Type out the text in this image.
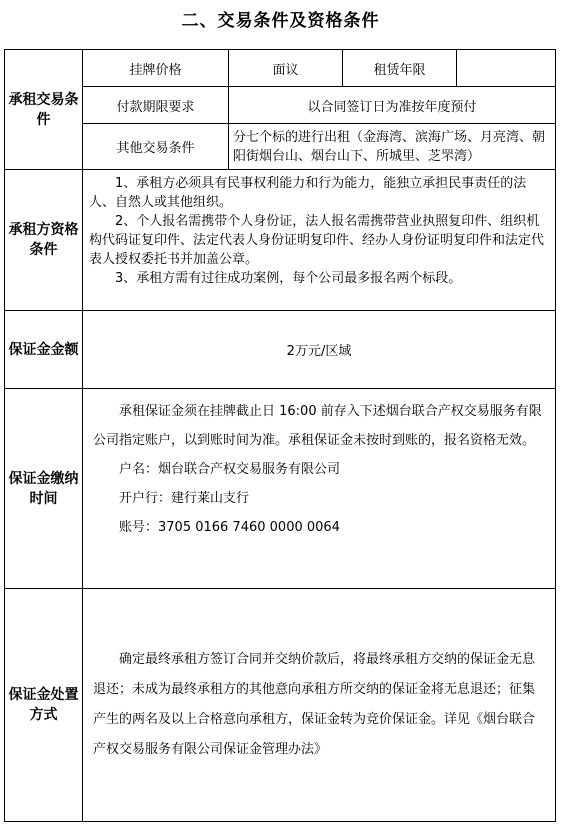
二、交易条件及资格条件
承租交易条件	挂牌价格	面议	租赁年限	
	付款期限要求	以合同签订日为准按年度预付		
	其他交易条件	分七个标的进行出租（金海湾、滨海广场、月亮湾、朝阳街烟台山、烟台山下、所城里、芝罘湾）		
承租方资格条件	1、承租方必须具有民事权利能力和行为能力，能独立承担民事责任的法人、自然人或其他组织。
2、个人报名需携带个人身份证，法人报名需携带营业执照复印件、组织机构代码证复印件、法定代表人身份证明复印件、经办人身份证明复印件和法定代表人授权委托书并加盖公章。
3、承租方需有过往成功案例，每个公司最多报名两个标段。			

保证金金额	2万元/区域			
保证金缴纳时间	承租保证金须在挂牌截止日 16:00 前存入下述烟台联合产权交易服务有限公司指定账户，以到账时间为准。承租保证金未按时到账的，报名资格无效。

户名：烟台联合产权交易服务有限公司

开户行：建行莱山支行

账号：3705 0166 7460 0000 0064			

保证金处置方式	确定最终承租方签订合同并交纳价款后，将最终承租方交纳的保证金无息退还；未成为最终承租方的其他意向承租方所交纳的保证金将无息退还；征集产生的两名及以上合格意向承租方，保证金转为竞价保证金。详见《烟台联合产权交易服务有限公司保证金管理办法》			
